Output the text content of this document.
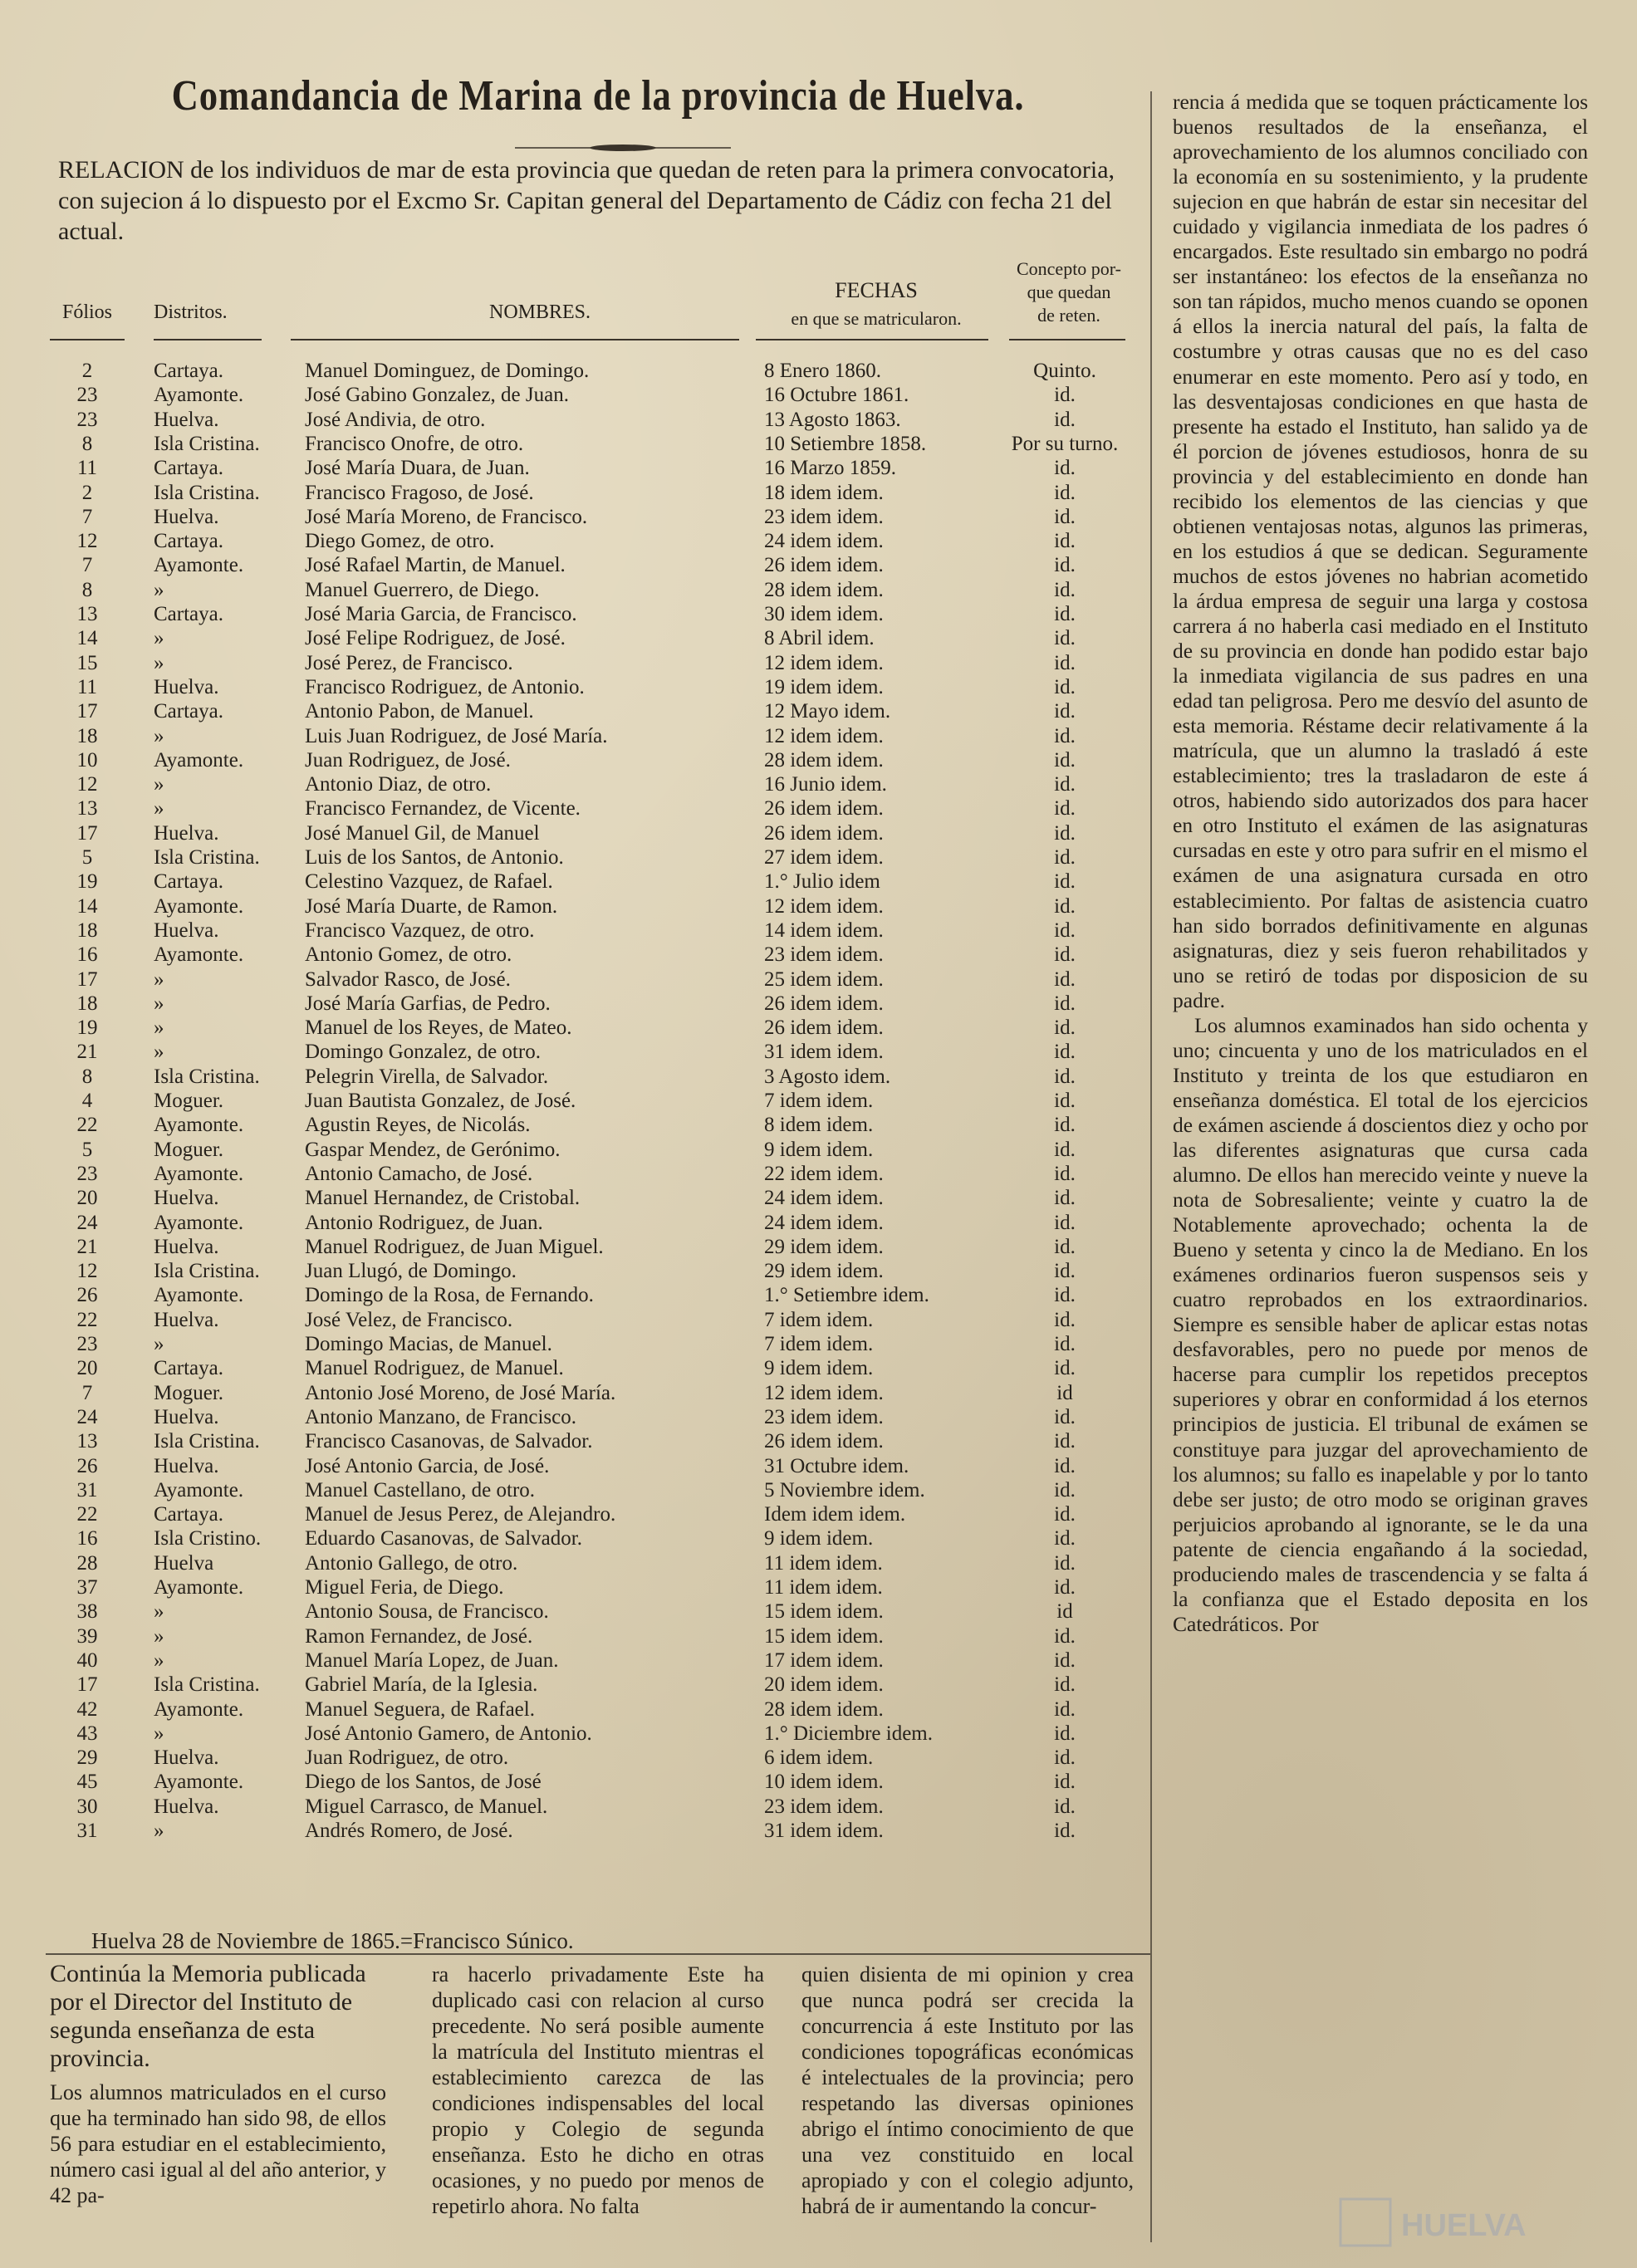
Comandancia de Marina de la provincia de Huelva.
RELACION de los individuos de mar de esta provincia que quedan de reten para la primera convocatoria, con sujecion á lo dispuesto por el Excmo Sr. Capitan general del Departamento de Cádiz con fecha 21 del actual.
Fólios	Distritos.	NOMBRES.
FECHAS
en que se matricularon.
Concepto por-
que quedan
de reten.
2	Cartaya.	Manuel Dominguez, de Domingo.	8 Enero 1860.	Quinto.
23	Ayamonte.	José Gabino Gonzalez, de Juan.	16 Octubre 1861.	id.
23	Huelva.	José Andivia, de otro.	13 Agosto 1863.	id.
8	Isla Cristina.	Francisco Onofre, de otro.	10 Setiembre 1858.	Por su turno.
11	Cartaya.	José María Duara, de Juan.	16 Marzo 1859.	id.
2	Isla Cristina.	Francisco Fragoso, de José.	18 idem idem.	id.
7	Huelva.	José María Moreno, de Francisco.	23 idem idem.	id.
12	Cartaya.	Diego Gomez, de otro.	24 idem idem.	id.
7	Ayamonte.	José Rafael Martin, de Manuel.	26 idem idem.	id.
8	»	Manuel Guerrero, de Diego.	28 idem idem.	id.
13	Cartaya.	José Maria Garcia, de Francisco.	30 idem idem.	id.
14	»	José Felipe Rodriguez, de José.	8 Abril idem.	id.
15	»	José Perez, de Francisco.	12 idem idem.	id.
11	Huelva.	Francisco Rodriguez, de Antonio.	19 idem idem.	id.
17	Cartaya.	Antonio Pabon, de Manuel.	12 Mayo idem.	id.
18	»	Luis Juan Rodriguez, de José María.	12 idem idem.	id.
10	Ayamonte.	Juan Rodriguez, de José.	28 idem idem.	id.
12	»	Antonio Diaz, de otro.	16 Junio idem.	id.
13	»	Francisco Fernandez, de Vicente.	26 idem idem.	id.
17	Huelva.	José Manuel Gil, de Manuel	26 idem idem.	id.
5	Isla Cristina.	Luis de los Santos, de Antonio.	27 idem idem.	id.
19	Cartaya.	Celestino Vazquez, de Rafael.	1.° Julio idem	id.
14	Ayamonte.	José María Duarte, de Ramon.	12 idem idem.	id.
18	Huelva.	Francisco Vazquez, de otro.	14 idem idem.	id.
16	Ayamonte.	Antonio Gomez, de otro.	23 idem idem.	id.
17	»	Salvador Rasco, de José.	25 idem idem.	id.
18	»	José María Garfias, de Pedro.	26 idem idem.	id.
19	»	Manuel de los Reyes, de Mateo.	26 idem idem.	id.
21	»	Domingo Gonzalez, de otro.	31 idem idem.	id.
8	Isla Cristina.	Pelegrin Virella, de Salvador.	3 Agosto idem.	id.
4	Moguer.	Juan Bautista Gonzalez, de José.	7 idem idem.	id.
22	Ayamonte.	Agustin Reyes, de Nicolás.	8 idem idem.	id.
5	Moguer.	Gaspar Mendez, de Gerónimo.	9 idem idem.	id.
23	Ayamonte.	Antonio Camacho, de José.	22 idem idem.	id.
20	Huelva.	Manuel Hernandez, de Cristobal.	24 idem idem.	id.
24	Ayamonte.	Antonio Rodriguez, de Juan.	24 idem idem.	id.
21	Huelva.	Manuel Rodriguez, de Juan Miguel.	29 idem idem.	id.
12	Isla Cristina.	Juan Llugó, de Domingo.	29 idem idem.	id.
26	Ayamonte.	Domingo de la Rosa, de Fernando.	1.° Setiembre idem.	id.
22	Huelva.	José Velez, de Francisco.	7 idem idem.	id.
23	»	Domingo Macias, de Manuel.	7 idem idem.	id.
20	Cartaya.	Manuel Rodriguez, de Manuel.	9 idem idem.	id.
7	Moguer.	Antonio José Moreno, de José María.	12 idem idem.	id
24	Huelva.	Antonio Manzano, de Francisco.	23 idem idem.	id.
13	Isla Cristina.	Francisco Casanovas, de Salvador.	26 idem idem.	id.
26	Huelva.	José Antonio Garcia, de José.	31 Octubre idem.	id.
31	Ayamonte.	Manuel Castellano, de otro.	5 Noviembre idem.	id.
22	Cartaya.	Manuel de Jesus Perez, de Alejandro.	Idem idem idem.	id.
16	Isla Cristino.	Eduardo Casanovas, de Salvador.	9 idem idem.	id.
28	Huelva	Antonio Gallego, de otro.	11 idem idem.	id.
37	Ayamonte.	Miguel Feria, de Diego.	11 idem idem.	id.
38	»	Antonio Sousa, de Francisco.	15 idem idem.	id
39	»	Ramon Fernandez, de José.	15 idem idem.	id.
40	»	Manuel María Lopez, de Juan.	17 idem idem.	id.
17	Isla Cristina.	Gabriel María, de la Iglesia.	20 idem idem.	id.
42	Ayamonte.	Manuel Seguera, de Rafael.	28 idem idem.	id.
43	»	José Antonio Gamero, de Antonio.	1.° Diciembre idem.	id.
29	Huelva.	Juan Rodriguez, de otro.	6 idem idem.	id.
45	Ayamonte.	Diego de los Santos, de José	10 idem idem.	id.
30	Huelva.	Miguel Carrasco, de Manuel.	23 idem idem.	id.
31	»	Andrés Romero, de José.	31 idem idem.	id.
Huelva 28 de Noviembre de 1865.=Francisco Súnico.
Continúa la Memoria publicada por el Director del Instituto de segunda enseñanza de esta provincia.
Los alumnos matriculados en el curso que ha terminado han sido 98, de ellos 56 para estudiar en el establecimiento, número casi igual al del año anterior, y 42 pa-
ra hacerlo privadamente Este ha duplicado casi con relacion al curso precedente. No será posible aumente la matrícula del Instituto mientras el establecimiento carezca de las condiciones indispensables del local propio y Colegio de segunda enseñanza. Esto he dicho en otras ocasiones, y no puedo por menos de repetirlo ahora. No falta
quien disienta de mi opinion y crea que nunca podrá ser crecida la concurrencia á este Instituto por las condiciones topográficas económicas é intelectuales de la provincia; pero respetando las diversas opiniones abrigo el íntimo conocimiento de que una vez constituido en local apropiado y con el colegio adjunto, habrá de ir aumentando la concur-

rencia á medida que se toquen prácticamente los buenos resultados de la enseñanza, el aprovechamiento de los alumnos conciliado con la economía en su sostenimiento, y la prudente sujecion en que habrán de estar sin necesitar del cuidado y vigilancia inmediata de los padres ó encargados. Este resultado sin embargo no podrá ser instantáneo: los efectos de la enseñanza no son tan rápidos, mucho menos cuando se oponen á ellos la inercia natural del país, la falta de costumbre y otras causas que no es del caso enumerar en este momento. Pero así y todo, en las desventajosas condiciones en que hasta de presente ha estado el Instituto, han salido ya de él porcion de jóvenes estudiosos, honra de su provincia y del establecimiento en donde han recibido los elementos de las ciencias y que obtienen ventajosas notas, algunos las primeras, en los estudios á que se dedican. Seguramente muchos de estos jóvenes no habrian acometido la árdua empresa de seguir una larga y costosa carrera á no haberla casi mediado en el Instituto de su provincia en donde han podido estar bajo la inmediata vigilancia de sus padres en una edad tan peligrosa. Pero me desvío del asunto de esta memoria. Réstame decir relativamente á la matrícula, que un alumno la trasladó á este establecimiento; tres la trasladaron de este á otros, habiendo sido autorizados dos para hacer en otro Instituto el exámen de las asignaturas cursadas en este y otro para sufrir en el mismo el exámen de una asignatura cursada en otro establecimiento. Por faltas de asistencia cuatro han sido borrados definitivamente en algunas asignaturas, diez y seis fueron rehabilitados y uno se retiró de todas por disposicion de su padre.

Los alumnos examinados han sido ochenta y uno; cincuenta y uno de los matriculados en el Instituto y treinta de los que estudiaron en enseñanza doméstica. El total de los ejercicios de exámen asciende á doscientos diez y ocho por las diferentes asignaturas que cursa cada alumno. De ellos han merecido veinte y nueve la nota de Sobresaliente; veinte y cuatro la de Notablemente aprovechado; ochenta la de Bueno y setenta y cinco la de Mediano. En los exámenes ordinarios fueron suspensos seis y cuatro reprobados en los extraordinarios. Siempre es sensible haber de aplicar estas notas desfavorables, pero no puede por menos de hacerse para cumplir los repetidos preceptos superiores y obrar en conformidad á los eternos principios de justicia. El tribunal de exámen se constituye para juzgar del aprovechamiento de los alumnos; su fallo es inapelable y por lo tanto debe ser justo; de otro modo se originan graves perjuicios aprobando al ignorante, se le da una patente de ciencia engañando á la sociedad, produciendo males de trascendencia y se falta á la confianza que el Estado deposita en los Catedráticos. Por

HUELVA
